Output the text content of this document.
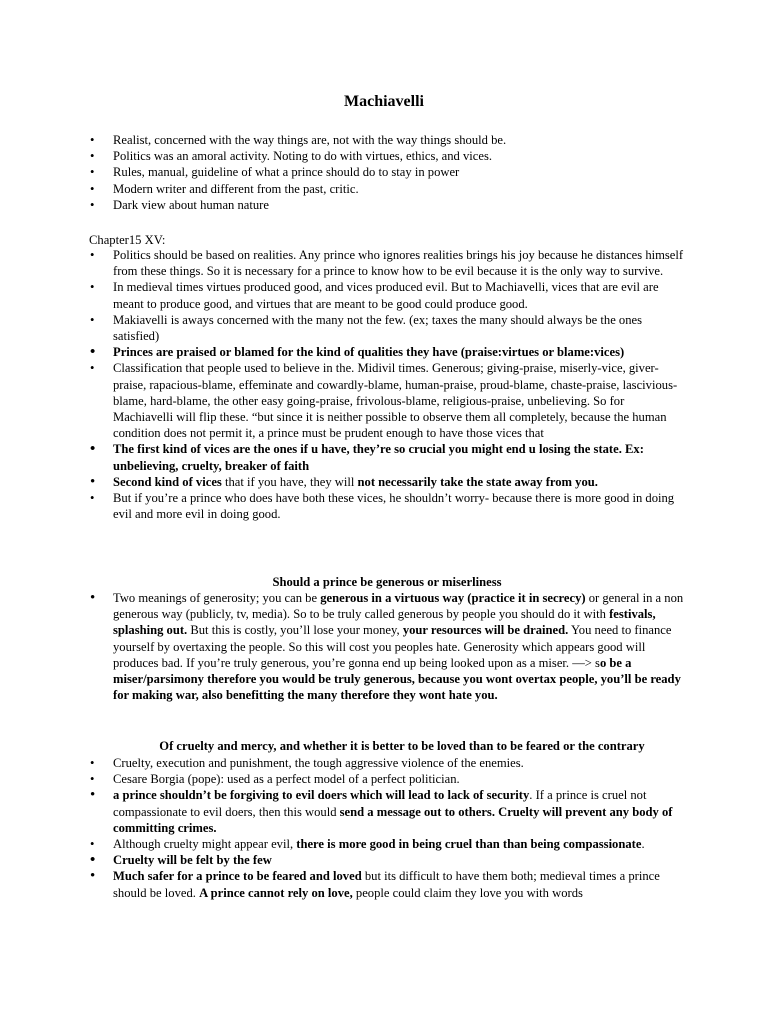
Machiavelli
• Realist, concerned with the way things are, not with the way things should be.
• Politics was an amoral activity. Noting to do with virtues, ethics, and vices.
• Rules, manual, guideline of what a prince should do to stay in power
• Modern writer and different from the past, critic.
• Dark view about human nature
Chapter15 XV:
• Politics should be based on realities. Any prince who ignores realities brings his joy because he distances himself from these things. So it is necessary for a prince to know how to be evil because it is the only way to survive.
• In medieval times virtues produced good, and vices produced evil. But to Machiavelli, vices that are evil are meant to produce good, and virtues that are meant to be good could produce good.
• Makiavelli is aways concerned with the many not the few. (ex; taxes the many should always be the ones satisfied)
• Princes are praised or blamed for the kind of qualities they have (praise:virtues or blame:vices)
• Classification that people used to believe in the. Midivil times. Generous; giving-praise, miserly-vice, giver-praise, rapacious-blame, effeminate and cowardly-blame, human-praise, proud-blame, chaste-praise, lascivious-blame, hard-blame, the other easy going-praise, frivolous-blame, religious-praise, unbelieving. So for Machiavelli will flip these. “but since it is neither possible to observe them all completely, because the human condition does not permit it, a prince must be prudent enough to have those vices that
• The first kind of vices are the ones if u have, they’re so crucial you might end u losing the state. Ex: unbelieving, cruelty, breaker of faith
• Second kind of vices that if you have, they will not necessarily take the state away from you.
• But if you’re a prince who does have both these vices, he shouldn’t worry- because there is more good in doing evil and more evil in doing good.
Should a prince be generous or miserliness
• Two meanings of generosity; you can be generous in a virtuous way (practice it in secrecy) or general in a non generous way (publicly, tv, media). So to be truly called generous by people you should do it with festivals, splashing out. But this is costly, you’ll lose your money, your resources will be drained. You need to finance yourself by overtaxing the people. So this will cost you peoples hate. Generosity which appears good will produces bad. If you’re truly generous, you’re gonna end up being looked upon as a miser. —> so be a miser/parsimony therefore you would be truly generous, because you wont overtax people, you’ll be ready for making war, also benefitting the many therefore they wont hate you.
Of cruelty and mercy, and whether it is better to be loved than to be feared or the contrary
• Cruelty, execution and punishment, the tough aggressive violence of the enemies.
• Cesare Borgia (pope): used as a perfect model of a perfect politician.
• a prince shouldn’t be forgiving to evil doers which will lead to lack of security. If a prince is cruel not compassionate to evil doers, then this would send a message out to others. Cruelty will prevent any body of committing crimes.
• Although cruelty might appear evil, there is more good in being cruel than than being compassionate.
• Cruelty will be felt by the few
• Much safer for a prince to be feared and loved but its difficult to have them both; medieval times a prince should be loved. A prince cannot rely on love, people could claim they love you with words
